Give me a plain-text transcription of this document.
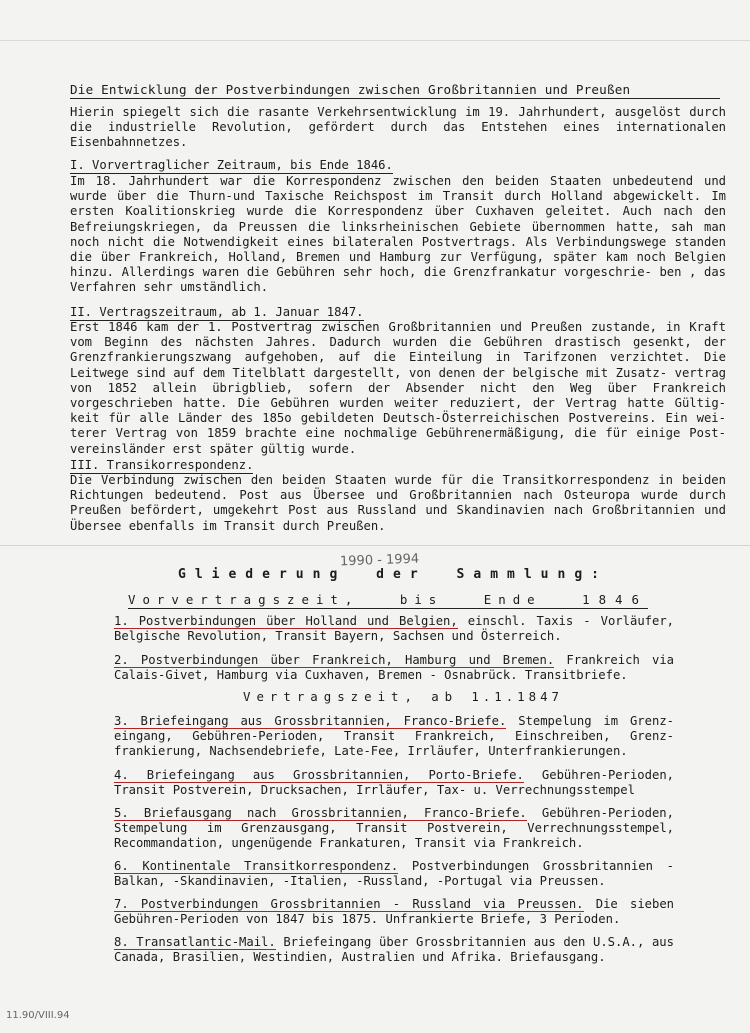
Die Entwicklung der Postverbindungen zwischen Großbritannien und Preußen
Hierin spiegelt sich die rasante Verkehrsentwicklung im 19. Jahrhundert, ausgelöst durch die industrielle Revolution, gefördert durch das Entstehen eines internationalen Eisenbahnnetzes.
I. Vorvertraglicher Zeitraum, bis Ende 1846.
Im 18. Jahrhundert war die Korrespondenz zwischen den beiden Staaten unbedeutend und wurde über die Thurn-und Taxische Reichspost im Transit durch Holland abgewickelt. Im ersten Koalitionskrieg wurde die Korrespondenz über Cuxhaven geleitet. Auch nach den Befreiungskriegen, da Preussen die linksrheinischen Gebiete übernommen hatte, sah man noch nicht die Notwendigkeit eines bilateralen Postvertrags. Als Verbindungswege standen die über Frankreich, Holland, Bremen und Hamburg zur Verfügung, später kam noch Belgien hinzu. Allerdings waren die Gebühren sehr hoch, die Grenzfrankatur vorgeschrie- ben , das Verfahren sehr umständlich.
II. Vertragszeitraum, ab 1. Januar 1847.
Erst 1846 kam der 1. Postvertrag zwischen Großbritannien und Preußen zustande, in Kraft vom Beginn des nächsten Jahres. Dadurch wurden die Gebühren drastisch gesenkt, der Grenzfrankierungszwang aufgehoben, auf die Einteilung in Tarifzonen verzichtet. Die Leitwege sind auf dem Titelblatt dargestellt, von denen der belgische mit Zusatz- vertrag von 1852 allein übrigblieb, sofern der Absender nicht den Weg über Frankreich vorgeschrieben hatte. Die Gebühren wurden weiter reduziert, der Vertrag hatte Gültig- keit für alle Länder des 185o gebildeten Deutsch-Österreichischen Postvereins. Ein wei- terer Vertrag von 1859 brachte eine nochmalige Gebührenermäßigung, die für einige Post- vereinsländer erst später gültig wurde.
III. Transikorrespondenz.
Die Verbindung zwischen den beiden Staaten wurde für die Transitkorrespondenz in beiden Richtungen bedeutend. Post aus Übersee und Großbritannien nach Osteuropa wurde durch Preußen befördert, umgekehrt Post aus Russland und Skandinavien nach Großbritannien und Übersee ebenfalls im Transit durch Preußen.
1990 - 1994
Gliederung der Sammlung:
Vorvertragszeit,	bis	Ende	1846
1. Postverbindungen über Holland und Belgien, einschl. Taxis - Vorläufer, Belgische Revolution, Transit Bayern, Sachsen und Österreich.
2. Postverbindungen über Frankreich, Hamburg und Bremen. Frankreich via Calais-Givet, Hamburg via Cuxhaven, Bremen - Osnabrück. Transitbriefe.
Vertragszeit, ab 1.1.1847
3. Briefeingang aus Grossbritannien, Franco-Briefe. Stempelung im Grenz- eingang, Gebühren-Perioden, Transit Frankreich, Einschreiben, Grenz- frankierung, Nachsendebriefe, Late-Fee, Irrläufer, Unterfrankierungen.
4. Briefeingang aus Grossbritannien, Porto-Briefe. Gebühren-Perioden, Transit Postverein, Drucksachen, Irrläufer, Tax- u. Verrechnungsstempel
5. Briefausgang nach Grossbritannien, Franco-Briefe. Gebühren-Perioden, Stempelung im Grenzausgang, Transit Postverein, Verrechnungsstempel, Recommandation, ungenügende Frankaturen, Transit via Frankreich.
6. Kontinentale Transitkorrespondenz. Postverbindungen Grossbritannien - Balkan, -Skandinavien, -Italien, -Russland, -Portugal via Preussen.
7. Postverbindungen Grossbritannien - Russland via Preussen. Die sieben Gebühren-Perioden von 1847 bis 1875. Unfrankierte Briefe, 3 Perioden.
8. Transatlantic-Mail. Briefeingang über Grossbritannien aus den U.S.A., aus Canada, Brasilien, Westindien, Australien und Afrika. Briefausgang.
11.90/VIII.94
